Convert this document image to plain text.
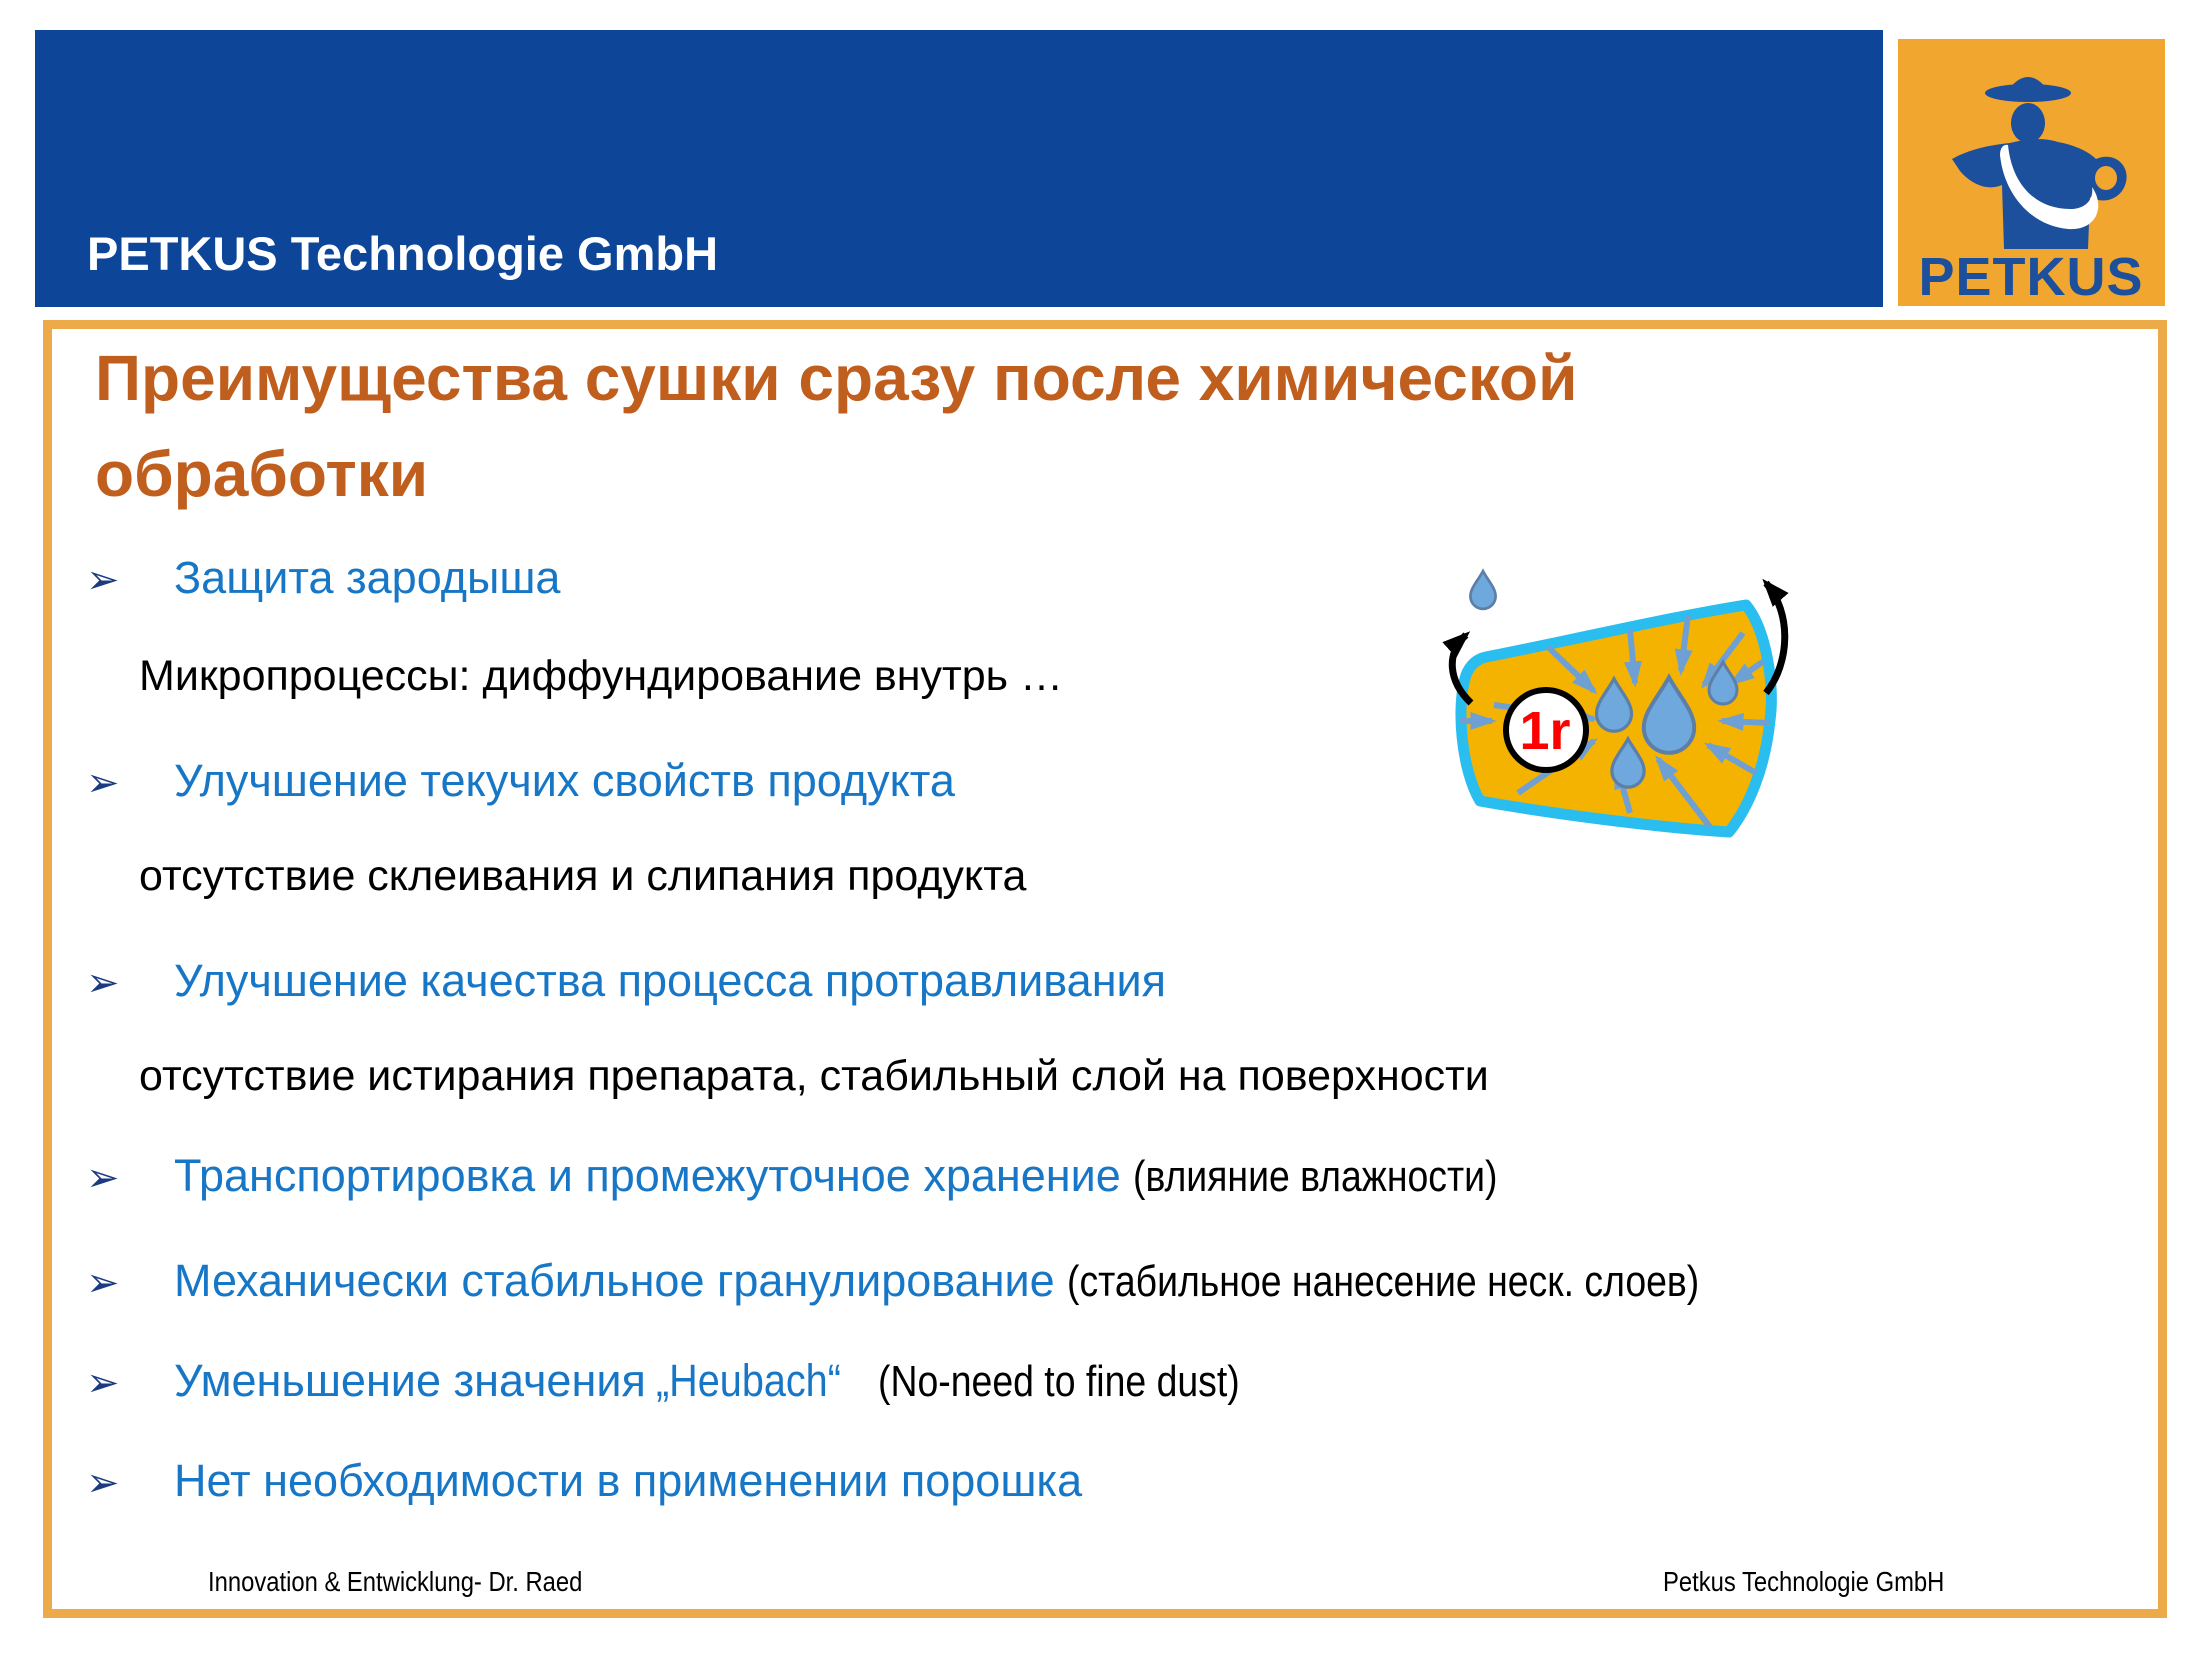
PETKUS Technologie GmbH	PETKUS
Преимущества сушки сразу после химической
обработки
➢ Защита зародыша
Микропроцессы: диффундирование внутрь …
➢ Улучшение текучих свойств продукта
отсутствие склеивания и слипания продукта
➢ Улучшение качества процесса протравливания
отсутствие истирания препарата, стабильный слой на поверхности
➢ Транспортировка и промежуточное хранение (влияние влажности)
➢ Механически стабильное гранулирование (стабильное нанесение неск. слоев)
➢ Уменьшение значения „Heubach“ (No-need to fine dust)
➢ Нет необходимости в применении порошка
1r
Innovation & Entwicklung- Dr. Raed	Petkus Technologie GmbH
